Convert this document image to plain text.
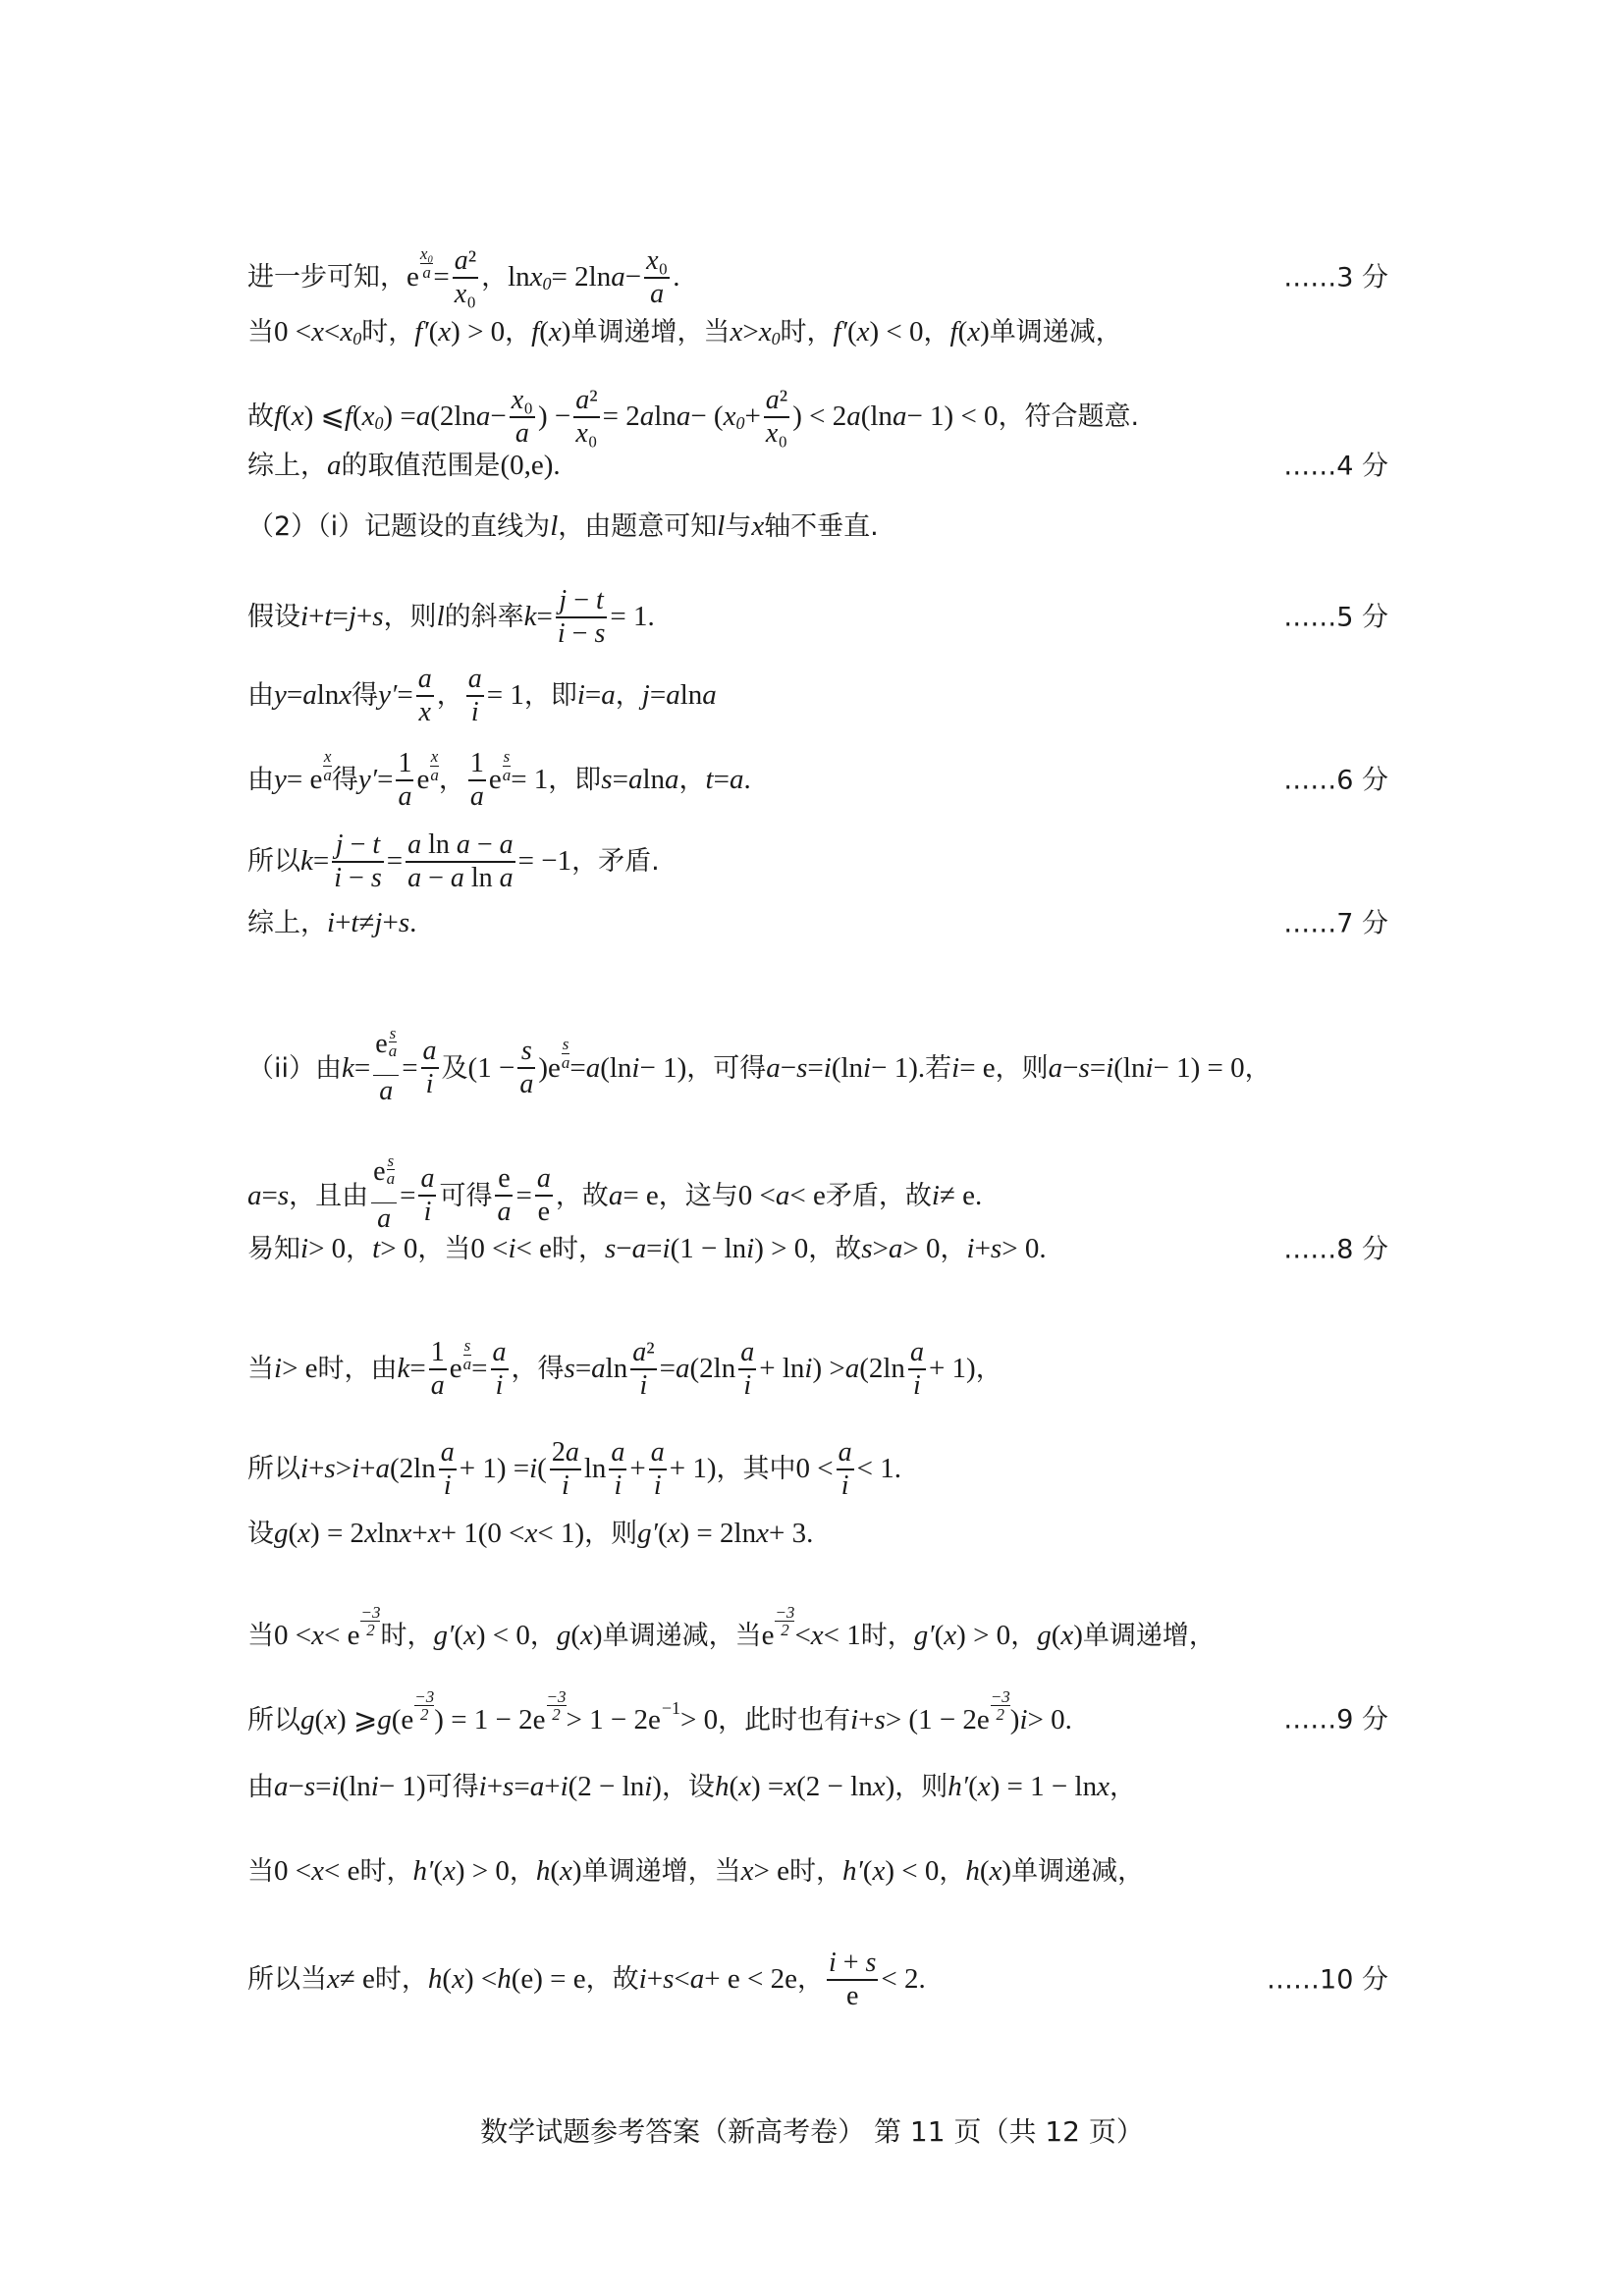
进一步可知， e
x₀
$a = \frac{\text{a²}}{\text{x₀}}$ ， ln x 0 = 2ln $a - \frac{\text{x₀}}{a}$ .	……3 分
当 0 < x < x 0 时， f′ ( x ) > 0 ， f ( x ) 单调递增，当 x > x 0 时， f′ ( x ) < 0 ， f ( x ) 单调递减，
故 f ( x ) ⩽ f ( x 0 ) = a (2ln $a - \frac{\text{x₀}}{a}$ ) − $\frac{\text{a²}}{\text{x₀}} = 2$ a ln a − ( x $0 + \frac{\text{a²}}{\text{x₀}}$ ) < 2 a (ln a − 1) < 0 ，符合题意.
综上， a 的取值范围是 (0,e).	……4 分
（2）（i）记题设的直线为 l ，由题意可知 l 与 x 轴不垂直.
假设 i + t = j + s ，则 l 的斜率 $k = \frac{j - t}{i - s} = 1$.	……5 分
由 y = a ln x 得 $y' = \frac{a}{x}$ ， $\frac{a}{i} = 1$ ，即 i = a ， j = a ln a
由 y = e
x
a 得 $y' = \frac{1}{a}$ e
x
a ， $\frac{1}{a}$ e
s
a = 1 ，即 s = a ln a ， t = a .	……6 分
所以 $k = \frac{j - t}{i - s} = \frac{\text{a ln a − a}}{\text{a − a ln a}} = -1$ ，矛盾.
综上， i + t ≠ j + s .	……7 分
（ii）由 $k = \frac{e \frac{s}{a}}{a} = \frac{a}{i}$ 及 $(1 - \frac{s}{a} )e$
s
a = a (ln i − 1) ，可得 a − s = i (ln i − 1). 若 i = e ，则 a − s = i (ln i − 1) = 0 ，
a = s ，且由 $\frac{e \frac{s}{a}}{a} = \frac{a}{i}$ 可得 $\frac{e}{a} = \frac{a}{e}$ ，故 a = e ，这与 0 < a < e 矛盾，故 i ≠ e.
易知 i > 0 ， t > 0 ，当 0 < i < e 时， s − a = i (1 − ln i ) > 0 ，故 s > a > 0 ， i + s > 0.	……8 分
当 i > e 时，由 $k = \frac{1}{a}$ e
s
$a = \frac{a}{i}$ ，得 s = a $\ln \frac{\text{a²}}{i} = a$ ($2\ln \frac{a}{i} + \ln i$ ) > a $(2\ln \frac{a}{i} + 1)$ ，
所以 i + s > i + a $(2\ln \frac{a}{i} + 1) = i$ ( $\frac{2a}{i}$ $\ln \frac{a}{i} + \frac{a}{i} + 1$) ，其中 $0 < \frac{a}{i} < 1$.
设 g ( x ) = 2 x ln x + x + 1(0 < x < 1) ，则 g′ ( x ) = 2ln x + 3.
当 0 < x < e
−3
2 时， g′ ( x ) < 0 ， g ( x ) 单调递减，当 e
−3
2 < x < 1 时， g′ ( x ) > 0 ， g ( x ) 单调递增，
所以 g ( x ) ⩾ g (e
−3
2 ) = 1 − 2e
−3
2 > 1 − 2e −1 > 0 ，此时也有 i + s > (1 − 2e
−3
2 ) i > 0.	……9 分
由 a − s = i (ln i − 1) 可得 i + s = a + i (2 − ln i ) ，设 h ( x ) = x (2 − ln x ) ，则 h′ ( x ) = 1 − ln x ，
当 0 < x < e 时， h′ ( x ) > 0 ， h ( x ) 单调递增，当 x > e 时， h′ ( x ) < 0 ， h ( x ) 单调递减，
所以当 x ≠ e 时， h ( x ) < h (e) = e ，故 i + s < a + e < 2e ， $\frac{i + s}{e} < 2$.	……10 分
数学试题参考答案（新高考卷） 第 11 页（共 12 页）
